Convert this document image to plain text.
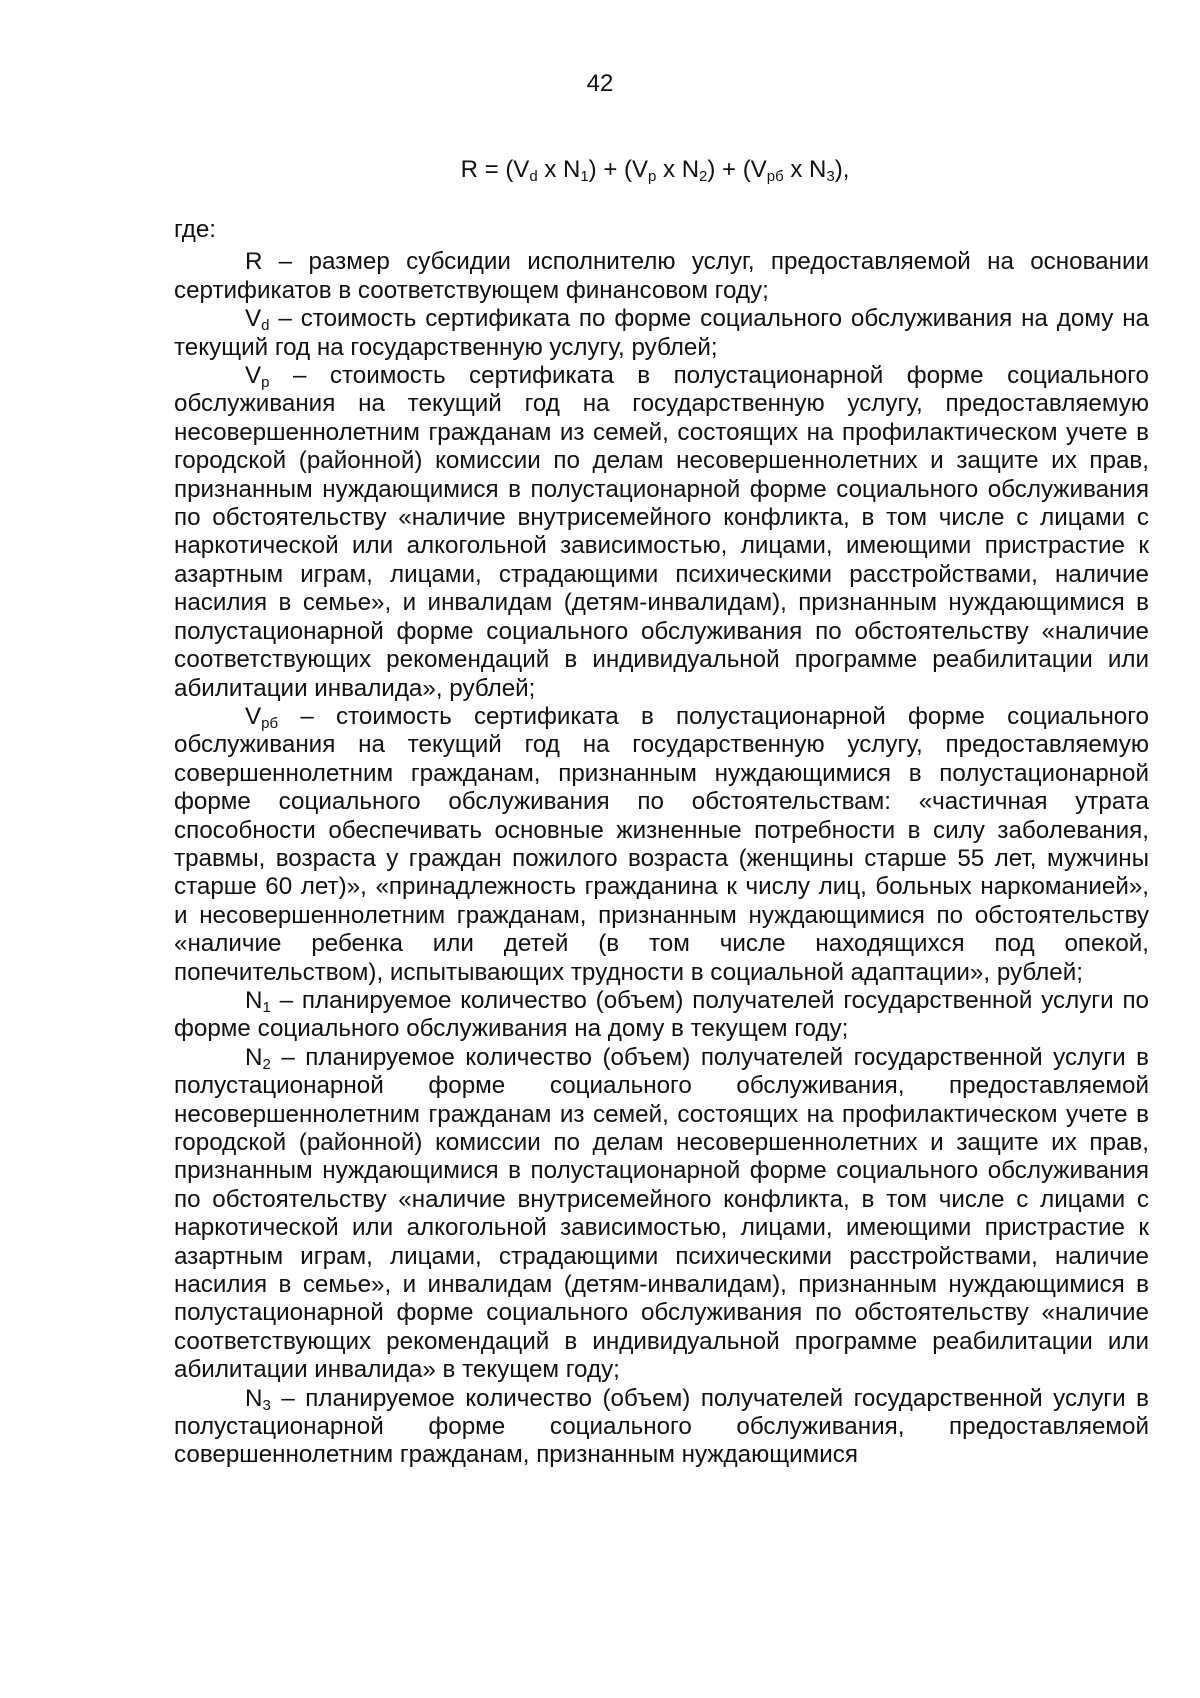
42
$R = (V_d$ x $N_1) + (V_p$ x $N_2) + (V_{рб}$ x $N_3$),

где:

R – размер субсидии исполнителю услуг, предоставляемой на основании сертификатов в соответствующем финансовом году;

$V_d$ – стоимость сертификата по форме социального обслуживания на дому на текущий год на государственную услугу, рублей;

$V_p$ – стоимость сертификата в полустационарной форме социального обслуживания на текущий год на государственную услугу, предоставляемую несовершеннолетним гражданам из семей, состоящих на профилактическом учете в городской (районной) комиссии по делам несовершеннолетних и защите их прав, признанным нуждающимися в полустационарной форме социального обслуживания по обстоятельству «наличие внутрисемейного конфликта, в том числе с лицами с наркотической или алкогольной зависимостью, лицами, имеющими пристрастие к азартным играм, лицами, страдающими психическими расстройствами, наличие насилия в семье», и инвалидам (детям-инвалидам), признанным нуждающимися в полустационарной форме социального обслуживания по обстоятельству «наличие соответствующих рекомендаций в индивидуальной программе реабилитации или абилитации инвалида», рублей;

$V_{рб}$ – стоимость сертификата в полустационарной форме социального обслуживания на текущий год на государственную услугу, предоставляемую совершеннолетним гражданам, признанным нуждающимися в полустационарной форме социального обслуживания по обстоятельствам: «частичная утрата способности обеспечивать основные жизненные потребности в силу заболевания, травмы, возраста у граждан пожилого возраста (женщины старше 55 лет, мужчины старше 60 лет)», «принадлежность гражданина к числу лиц, больных наркоманией», и несовершеннолетним гражданам, признанным нуждающимися по обстоятельству «наличие ребенка или детей (в том числе находящихся под опекой, попечительством), испытывающих трудности в социальной адаптации», рублей;

$N_1$ – планируемое количество (объем) получателей государственной услуги по форме социального обслуживания на дому в текущем году;

$N_2$ – планируемое количество (объем) получателей государственной услуги в полустационарной форме социального обслуживания, предоставляемой несовершеннолетним гражданам из семей, состоящих на профилактическом учете в городской (районной) комиссии по делам несовершеннолетних и защите их прав, признанным нуждающимися в полустационарной форме социального обслуживания по обстоятельству «наличие внутрисемейного конфликта, в том числе с лицами с наркотической или алкогольной зависимостью, лицами, имеющими пристрастие к азартным играм, лицами, страдающими психическими расстройствами, наличие насилия в семье», и инвалидам (детям-инвалидам), признанным нуждающимися в полустационарной форме социального обслуживания по обстоятельству «наличие соответствующих рекомендаций в индивидуальной программе реабилитации или абилитации инвалида» в текущем году;

$N_3$ – планируемое количество (объем) получателей государственной услуги в полустационарной форме социального обслуживания, предоставляемой совершеннолетним гражданам, признанным нуждающимися
